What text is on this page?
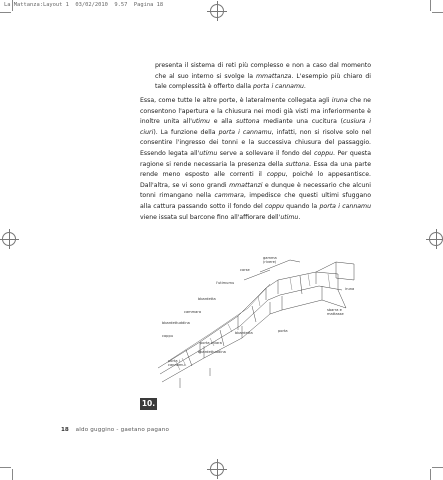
La Mattanza:Layout 1 03/02/2010 9.57 Pagina 18

presenta il sistema di reti più complesso e non a caso dal momento che al suo interno si svolge la mmattanza. L'esempio più chiaro di tale complessità è offerto dalla porta i cannamu.

Essa, come tutte le altre porte, è lateralmente collegata agli iruna che ne consentono l'apertura e la chiusura nei modi già visti ma inferiormente è inoltre unita all'utimu e alla suttona mediante una cucitura (cusiura i ciuri). La funzione della porta i cannamu, infatti, non si risolve solo nel consentire l'ingresso dei tonni e la successiva chiusura del passaggio. Essendo legata all'utimu serve a sollevare il fondo del coppu. Per questa ragione si rende necessaria la presenza della suttona. Essa da una parte rende meno esposto alle correnti il coppu, poiché lo appesantisce. Dall'altra, se vi sono grandi mmattanzi e dunque è necessario che alcuni tonni rimangano nella cammara, impedisce che questi ultimi sfuggano alla cattura passando sotto il fondo del coppu quando la porta i cannamu viene issata sul barcone fino all'affiorare dell'utimu.

gamma (rivere)
corse
l'utimumu
iruna
bbardetta
cammara	sbarra e mattasse
bbardettuddina
porta
coppu
bbardetta
porta chiara
bbardettuddina
porta i cannamu
10.
18 aldo guggino - gaetano pagano
